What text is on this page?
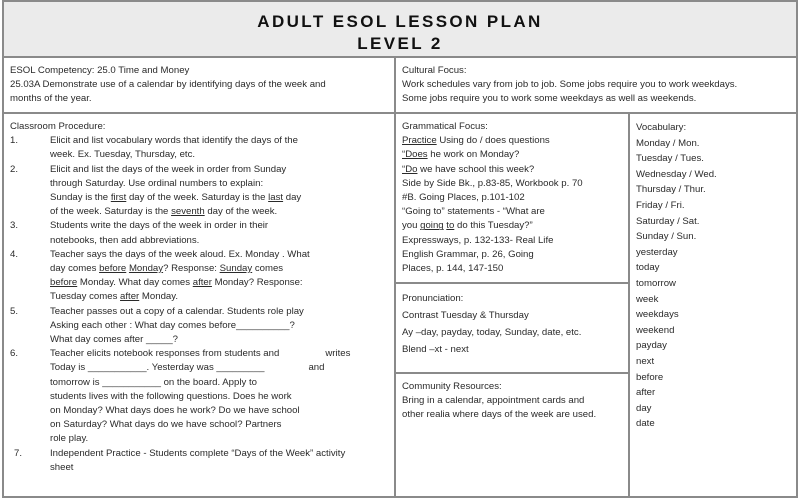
ADULT ESOL LESSON PLAN
LEVEL 2
ESOL Competency: 25.0 Time and Money
25.03A Demonstrate use of a calendar by identifying days of the week and
months of the year.
Cultural Focus:
Work schedules vary from job to job. Some jobs require you to work weekdays.
Some jobs require you to work some weekdays as well as weekends.
Classroom Procedure:
1.	Elicit and list vocabulary words that identify the days of the
week. Ex. Tuesday, Thursday, etc.
2.	Elicit and list the days of the week in order from Sunday
through Saturday. Use ordinal numbers to explain:
Sunday is the first day of the week. Saturday is the last day
of the week. Saturday is the seventh day of the week.
3.	Students write the days of the week in order in their
notebooks, then add abbreviations.
4.	Teacher says the days of the week aloud. Ex. Monday . What
day comes before Monday? Response: Sunday comes
before Monday. What day comes after Monday? Response:
Tuesday comes after Monday.
5.	Teacher passes out a copy of a calendar. Students role play
Asking each other : What day comes before__________?
What day comes after _____?
6.	Teacher elicits notebook responses from students and	writes
Today is ___________. Yesterday was _________	and
tomorrow is ___________ on the board. Apply to
students lives with the following questions. Does he work
on Monday? What days does he work? Do we have school
on Saturday? What days do we have school? Partners
role play.
7.	Independent Practice - Students complete “Days of the Week” activity
sheet
Grammatical Focus:
Practice Using do / does questions
“Does he work on Monday?
“Do we have school this week?
Side by Side Bk., p.83-85, Workbook p. 70
#B. Going Places, p.101-102
“Going to” statements - “What are
you going to do this Tuesday?”
Expressways, p. 132-133- Real Life
English Grammar, p. 26, Going
Places, p. 144, 147-150
Pronunciation:
Contrast Tuesday & Thursday
Ay –day, payday, today, Sunday, date, etc.
Blend –xt - next
Community Resources:
Bring in a calendar, appointment cards and
other realia where days of the week are used.
Vocabulary:
Monday / Mon.
Tuesday / Tues.
Wednesday / Wed.
Thursday / Thur.
Friday / Fri.
Saturday / Sat.
Sunday / Sun.
yesterday
today
tomorrow
week
weekdays
weekend
payday
next
before
after
day
date
